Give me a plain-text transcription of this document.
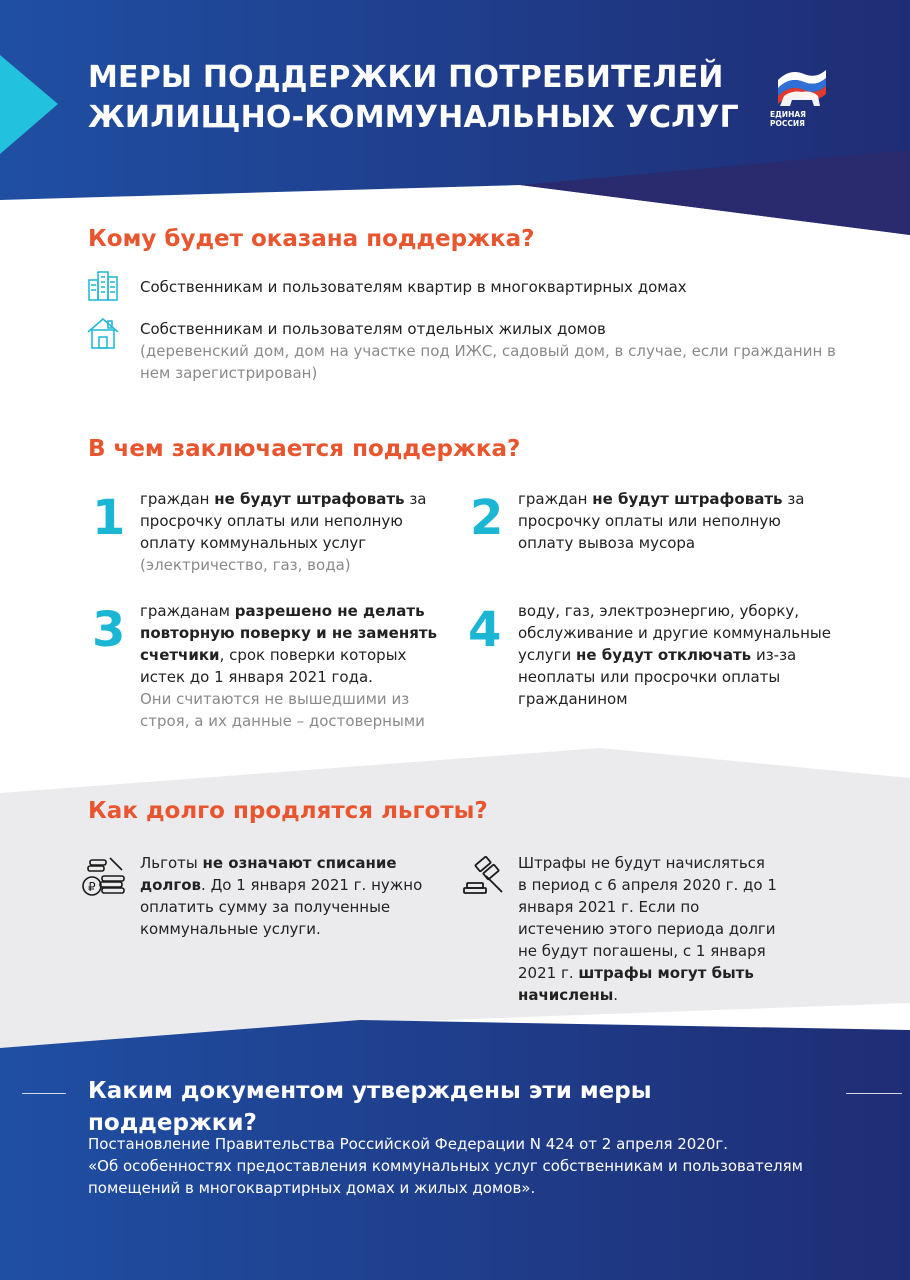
МЕРЫ ПОДДЕРЖКИ ПОТРЕБИТЕЛЕЙ
ЖИЛИЩНО-КОММУНАЛЬНЫХ УСЛУГ	ЕДИНАЯ
РОССИЯ
Кому будет оказана поддержка?
Собственникам и пользователям квартир в многоквартирных домах
Собственникам и пользователям отдельных жилых домов
(деревенский дом, дом на участке под ИЖС, садовый дом, в случае, если гражданин в нем зарегистрирован)
В чем заключается поддержка?
1 граждан не будут штрафовать за просрочку оплаты или неполную оплату коммунальных услуг
(электричество, газ, вода)
2 граждан не будут штрафовать за просрочку оплаты или неполную оплату вывоза мусора
3 гражданам разрешено не делать повторную поверку и не заменять счетчики, срок поверки которых истек до 1 января 2021 года.
Они считаются не вышедшими из строя, а их данные – достоверными
4 воду, газ, электроэнергию, уборку, обслуживание и другие коммунальные услуги не будут отключать из-за неоплаты или просрочки оплаты гражданином
Как долго продлятся льготы?
₽
Льготы не означают списание долгов. До 1 января 2021 г. нужно оплатить сумму за полученные коммунальные услуги.
Штрафы не будут начисляться в период с 6 апреля 2020 г. до 1 января 2021 г. Если по истечению этого периода долги не будут погашены, с 1 января 2021 г. штрафы могут быть начислены.
Каким документом утверждены эти меры поддержки?
Постановление Правительства Российской Федерации N 424 от 2 апреля 2020г.
«Об особенностях предоставления коммунальных услуг собственникам и пользователям
помещений в многоквартирных домах и жилых домов».
